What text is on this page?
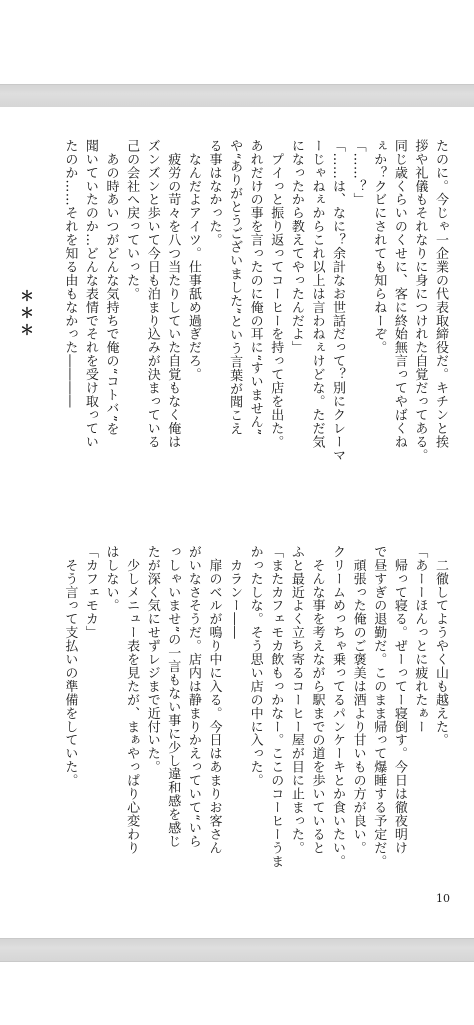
たのに。今じゃ一企業の代表取締役だ。キチンと挨
拶や礼儀もそれなりに身につけれた自覚だってある。
同じ歳くらいのくせに、客に終始無言ってやばくね
ぇか？クビにされても知らねーぞ。
「……？」
「……は、なに？余計なお世話だって？別にクレーマ
ーじゃねぇからこれ以上は言わねぇけどな。ただ気
になったから教えてやったんだよ」
　プイっと振り返ってコーヒーを持って店を出た。
あれだけの事を言ったのに俺の耳に“すいません”
や“ありがとうございました”という言葉が聞こえ
る事はなかった。
　なんだよアイツ。仕事舐め過ぎだろ。
　疲労の苛々を八つ当たりしていた自覚もなく俺は
ズンズンと歩いて今日も泊まり込みが決まっている
己の会社へ戻っていった。
　あの時あいつがどんな気持ちで俺の“コトバ”を
聞いていたのか…どんな表情でそれを受け取ってい
たのか……それを知る由もなかった――――
＊＊＊
　二徹してようやく山も越えた。
「あーーほんっとに疲れたぁー
　帰って寝る。ぜーってー寝倒す。今日は徹夜明け
で昼すぎの退勤だ。このまま帰って爆睡する予定だ。
　頑張った俺のご褒美は酒より甘いもの方が良い。
クリームめっちゃ乗ってるパンケーキとか食いたい。
　そんな事を考えながら駅までの道を歩いていると
ふと最近よく立ち寄るコーヒー屋が目に止まった。
「またカフェモカ飲もっかなー。ここのコーヒーうま
かったしな。そう思い店の中に入った。
　カランー――
　扉のベルが鳴り中に入る。今日はあまりお客さん
がいなさそうだ。店内は静まりかえっていて“いら
っしゃいませ”の一言もない事に少し違和感を感じ
たが深く気にせずレジまで近付いた。
　少しメニュー表を見たが、まぁやっぱり心変わり
はしない。
「カフェモカ」
　そう言って支払いの準備をしていた。
10
